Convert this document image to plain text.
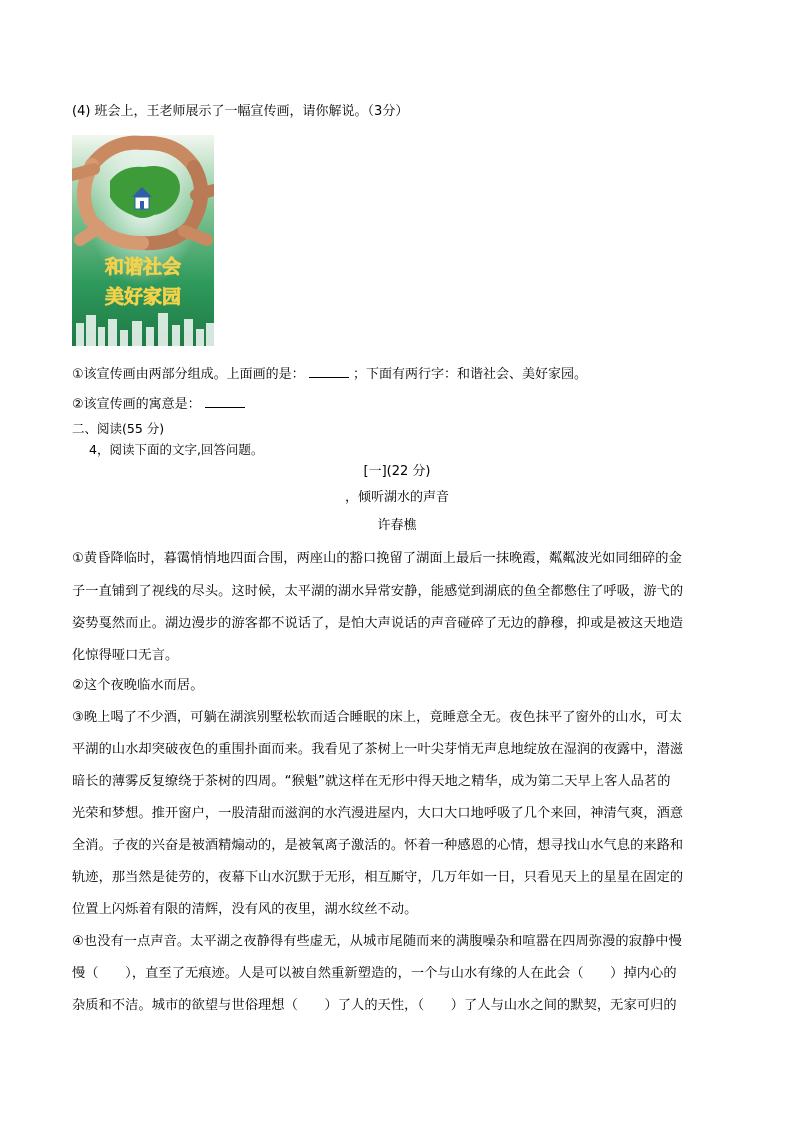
(4) 班会上，王老师展示了一幅宣传画，请你解说。（3分）
和谐社会
美好家园
①该宣传画由两部分组成。上面画的是：	；下面有两行字：和谐社会、美好家园。
②该宣传画的寓意是：
二、阅读(55 分)
4，阅读下面的文字,回答问题。
[一](22 分)
，倾听湖水的声音
许春樵
①黄昏降临时，暮霭悄悄地四面合围，两座山的豁口挽留了湖面上最后一抹晚霞，粼粼波光如同细碎的金
子一直铺到了视线的尽头。这时候，太平湖的湖水异常安静，能感觉到湖底的鱼全都憋住了呼吸，游弋的
姿势戛然而止。湖边漫步的游客都不说话了，是怕大声说话的声音碰碎了无边的静穆，抑或是被这天地造
化惊得哑口无言。
②这个夜晚临水而居。
③晚上喝了不少酒，可躺在湖滨别墅松软而适合睡眠的床上，竟睡意全无。夜色抹平了窗外的山水，可太
平湖的山水却突破夜色的重围扑面而来。我看见了茶树上一叶尖芽悄无声息地绽放在湿润的夜露中，潜滋
暗长的薄雾反复缭绕于茶树的四周。“猴魁”就这样在无形中得天地之精华，成为第二天早上客人品茗的
光荣和梦想。推开窗户，一股清甜而滋润的水汽漫进屋内，大口大口地呼吸了几个来回，神清气爽，酒意
全消。子夜的兴奋是被酒精煽动的，是被氧离子激活的。怀着一种感恩的心情，想寻找山水气息的来路和
轨迹，那当然是徒劳的，夜幕下山水沉默于无形，相互厮守，几万年如一日，只看见天上的星星在固定的
位置上闪烁着有限的清辉，没有风的夜里，湖水纹丝不动。
④也没有一点声音。太平湖之夜静得有些虚无，从城市尾随而来的满腹噪杂和喧嚣在四周弥漫的寂静中慢
慢（　　），直至了无痕迹。人是可以被自然重新塑造的，一个与山水有缘的人在此会（　　）掉内心的
杂质和不洁。城市的欲望与世俗理想（　　）了人的天性，（　　）了人与山水之间的默契，无家可归的
